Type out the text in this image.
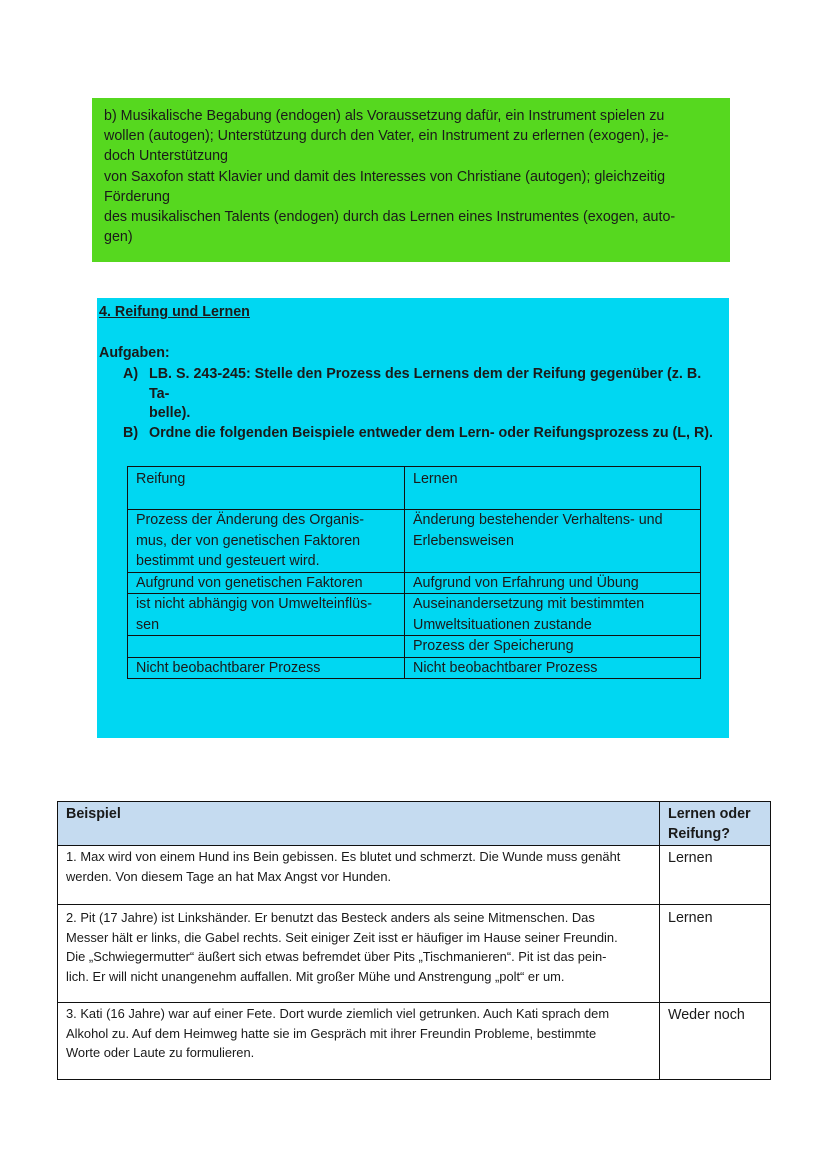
b) Musikalische Begabung (endogen) als Voraussetzung dafür, ein Instrument spielen zu

wollen (autogen); Unterstützung durch den Vater, ein Instrument zu erlernen (exogen), je-

doch Unterstützung

von Saxofon statt Klavier und damit des Interesses von Christiane (autogen); gleichzeitig

Förderung

des musikalischen Talents (endogen) durch das Lernen eines Instrumentes (exogen, auto-

gen)

4. Reifung und Lernen
Aufgaben:
A) LB. S. 243-245: Stelle den Prozess des Lernens dem der Reifung gegenüber (z. B. Ta-
belle).
B) Ordne die folgenden Beispiele entweder dem Lern- oder Reifungsprozess zu (L, R).
Reifung	Lernen
Prozess der Änderung des Organis-
mus, der von genetischen Faktoren
bestimmt und gesteuert wird.	Änderung bestehender Verhaltens- und
Erlebensweisen
Aufgrund von genetischen Faktoren	Aufgrund von Erfahrung und Übung
ist nicht abhängig von Umwelteinflüs-
sen	Auseinandersetzung mit bestimmten
Umweltsituationen zustande
	Prozess der Speicherung
Nicht beobachtbarer Prozess	Nicht beobachtbarer Prozess
Beispiel	Lernen oder
Reifung?

1. Max wird von einem Hund ins Bein gebissen. Es blutet und schmerzt. Die Wunde muss genäht
werden. Von diesem Tage an hat Max Angst vor Hunden.	Lernen

2. Pit (17 Jahre) ist Linkshänder. Er benutzt das Besteck anders als seine Mitmenschen. Das
Messer hält er links, die Gabel rechts. Seit einiger Zeit isst er häufiger im Hause seiner Freundin.
Die „Schwiegermutter“ äußert sich etwas befremdet über Pits „Tischmanieren“. Pit ist das pein-
lich. Er will nicht unangenehm auffallen. Mit großer Mühe und Anstrengung „polt“ er um.	Lernen

3. Kati (16 Jahre) war auf einer Fete. Dort wurde ziemlich viel getrunken. Auch Kati sprach dem
Alkohol zu. Auf dem Heimweg hatte sie im Gespräch mit ihrer Freundin Probleme, bestimmte
Worte oder Laute zu formulieren.	Weder noch
